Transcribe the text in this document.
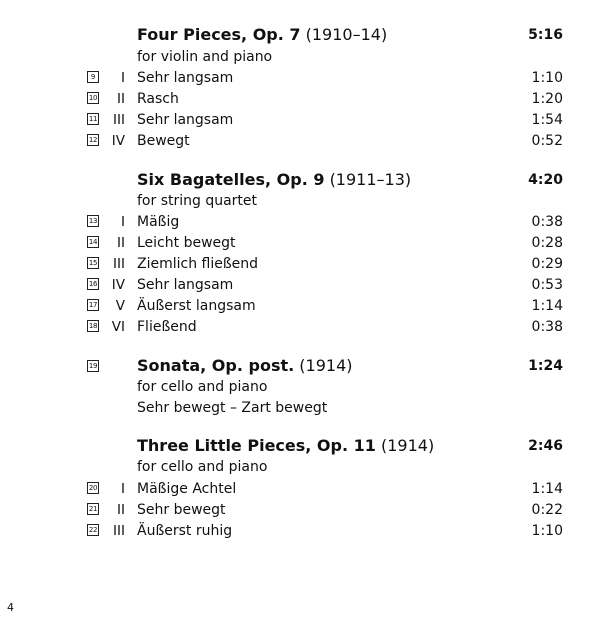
Four Pieces, Op. 7 (1910–14)	5:16
for violin and piano
9 I Sehr langsam	1:10
10 II Rasch	1:20
11 III Sehr langsam	1:54
12 IV Bewegt	0:52
Six Bagatelles, Op. 9 (1911–13)	4:20
for string quartet
13 I Mäßig	0:38
14 II Leicht bewegt	0:28
15 III Ziemlich fließend	0:29
16 IV Sehr langsam	0:53
17 V Äußerst langsam	1:14
18 VI Fließend	0:38
19 Sonata, Op. post. (1914)	1:24
for cello and piano
Sehr bewegt – Zart bewegt
Three Little Pieces, Op. 11 (1914)	2:46
for cello and piano
20 I Mäßige Achtel	1:14
21 II Sehr bewegt	0:22
22 III Äußerst ruhig	1:10
4
